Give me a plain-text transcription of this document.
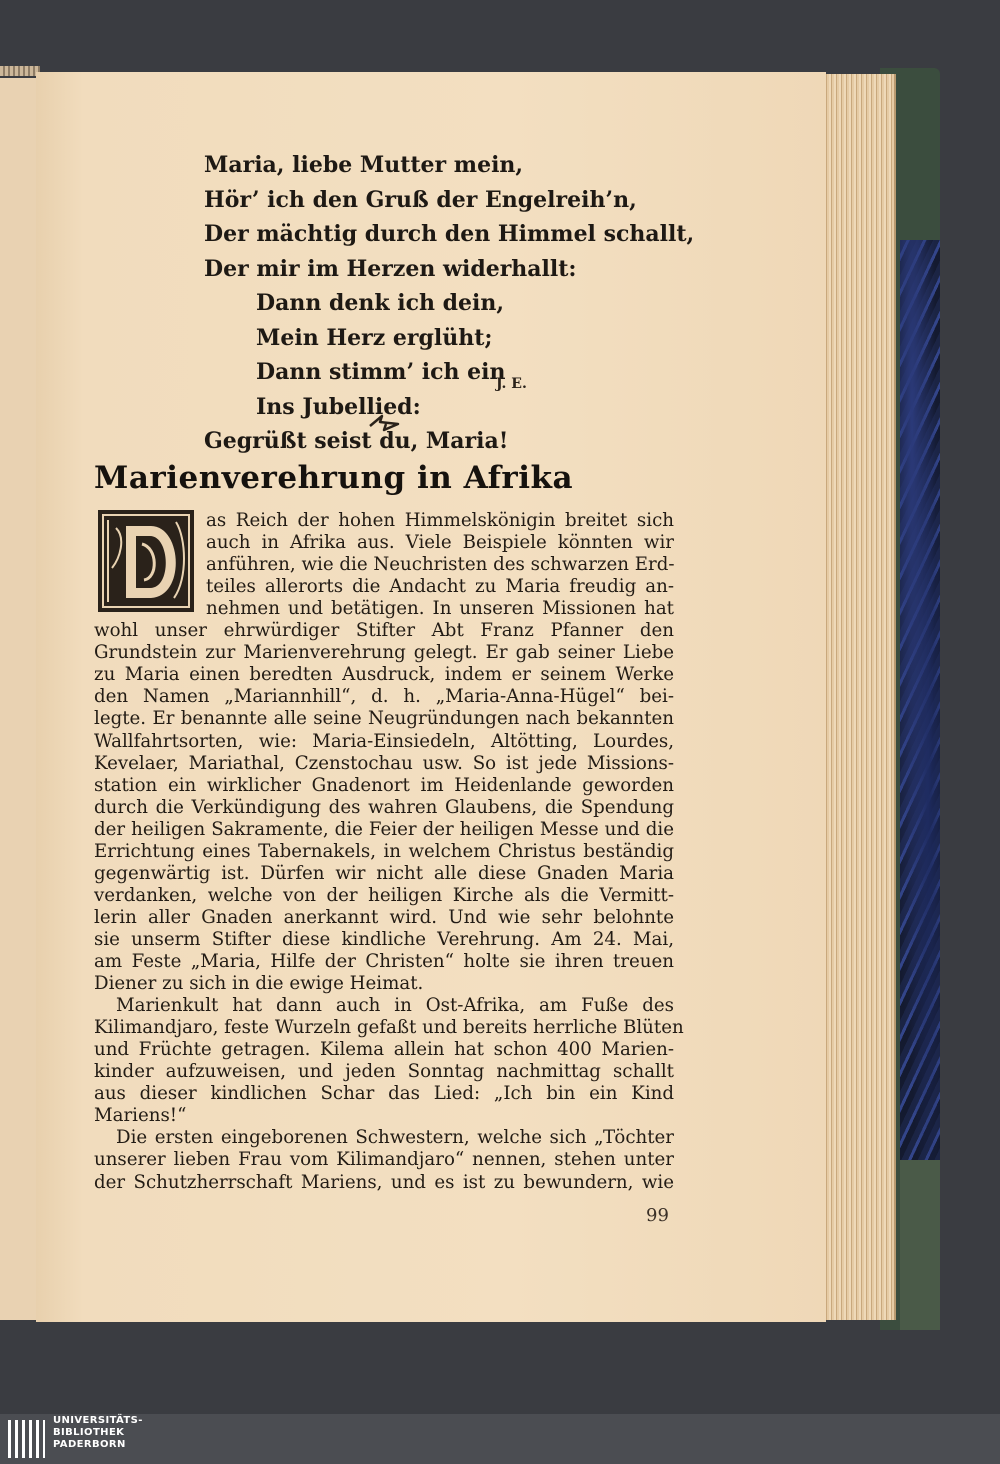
Maria, liebe Mutter mein,
Hör’ ich den Gruß der Engelreih’n,
Der mächtig durch den Himmel schallt,
Der mir im Herzen widerhallt:
Dann denk ich dein,
Mein Herz erglüht;
Dann stimm’ ich ein
Ins Jubellied:
Gegrüßt seist du, Maria!
J. E.
Marienverehrung in Afrika
as Reich der hohen Himmelskönigin breitet sich
auch in Afrika aus. Viele Beispiele könnten wir
anführen, wie die Neuchristen des schwarzen Erd-
teiles allerorts die Andacht zu Maria freudig an-
nehmen und betätigen. In unseren Missionen hat
wohl unser ehrwürdiger Stifter Abt Franz Pfanner den
Grundstein zur Marienverehrung gelegt. Er gab seiner Liebe
zu Maria einen beredten Ausdruck, indem er seinem Werke
den Namen „Mariannhill“, d. h. „Maria-Anna-Hügel“ bei-
legte. Er benannte alle seine Neugründungen nach bekannten
Wallfahrtsorten, wie: Maria-Einsiedeln, Altötting, Lourdes,
Kevelaer, Mariathal, Czenstochau usw. So ist jede Missions-
station ein wirklicher Gnadenort im Heidenlande geworden
durch die Verkündigung des wahren Glaubens, die Spendung
der heiligen Sakramente, die Feier der heiligen Messe und die
Errichtung eines Tabernakels, in welchem Christus beständig
gegenwärtig ist. Dürfen wir nicht alle diese Gnaden Maria
verdanken, welche von der heiligen Kirche als die Vermitt-
lerin aller Gnaden anerkannt wird. Und wie sehr belohnte
sie unserm Stifter diese kindliche Verehrung. Am 24. Mai,
am Feste „Maria, Hilfe der Christen“ holte sie ihren treuen
Diener zu sich in die ewige Heimat.
Marienkult hat dann auch in Ost-Afrika, am Fuße des
Kilimandjaro, feste Wurzeln gefaßt und bereits herrliche Blüten
und Früchte getragen. Kilema allein hat schon 400 Marien-
kinder aufzuweisen, und jeden Sonntag nachmittag schallt
aus dieser kindlichen Schar das Lied: „Ich bin ein Kind
Mariens!“
Die ersten eingeborenen Schwestern, welche sich „Töchter
unserer lieben Frau vom Kilimandjaro“ nennen, stehen unter
der Schutzherrschaft Mariens, und es ist zu bewundern, wie
99
UNIVERSITÄTS-
BIBLIOTHEK
PADERBORN
